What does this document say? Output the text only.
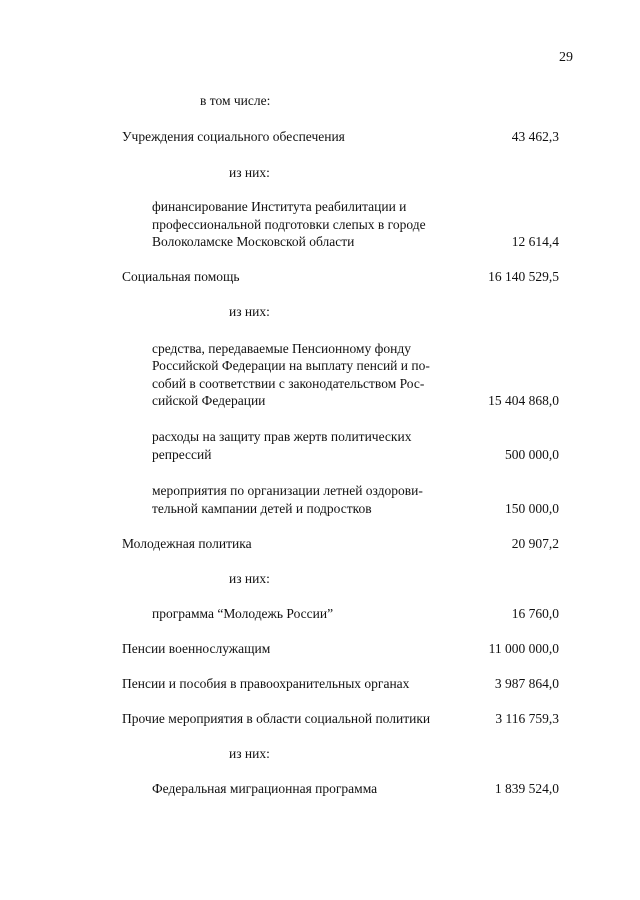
29
в том числе:
Учреждения социального обеспечения	43 462,3
из них:
финансирование Института реабилитации и
профессиональной подготовки слепых в городе
Волоколамске Московской области	12 614,4
Социальная помощь	16 140 529,5
из них:
средства, передаваемые Пенсионному фонду
Российской Федерации на выплату пенсий и по-
собий в соответствии с законодательством Рос-
сийской Федерации	15 404 868,0
расходы на защиту прав жертв политических
репрессий	500 000,0
мероприятия по организации летней оздорови-
тельной кампании детей и подростков	150 000,0
Молодежная политика	20 907,2
из них:
программа “Молодежь России”	16 760,0
Пенсии военнослужащим	11 000 000,0
Пенсии и пособия в правоохранительных органах	3 987 864,0
Прочие мероприятия в области социальной политики	3 116 759,3
из них:
Федеральная миграционная программа	1 839 524,0
